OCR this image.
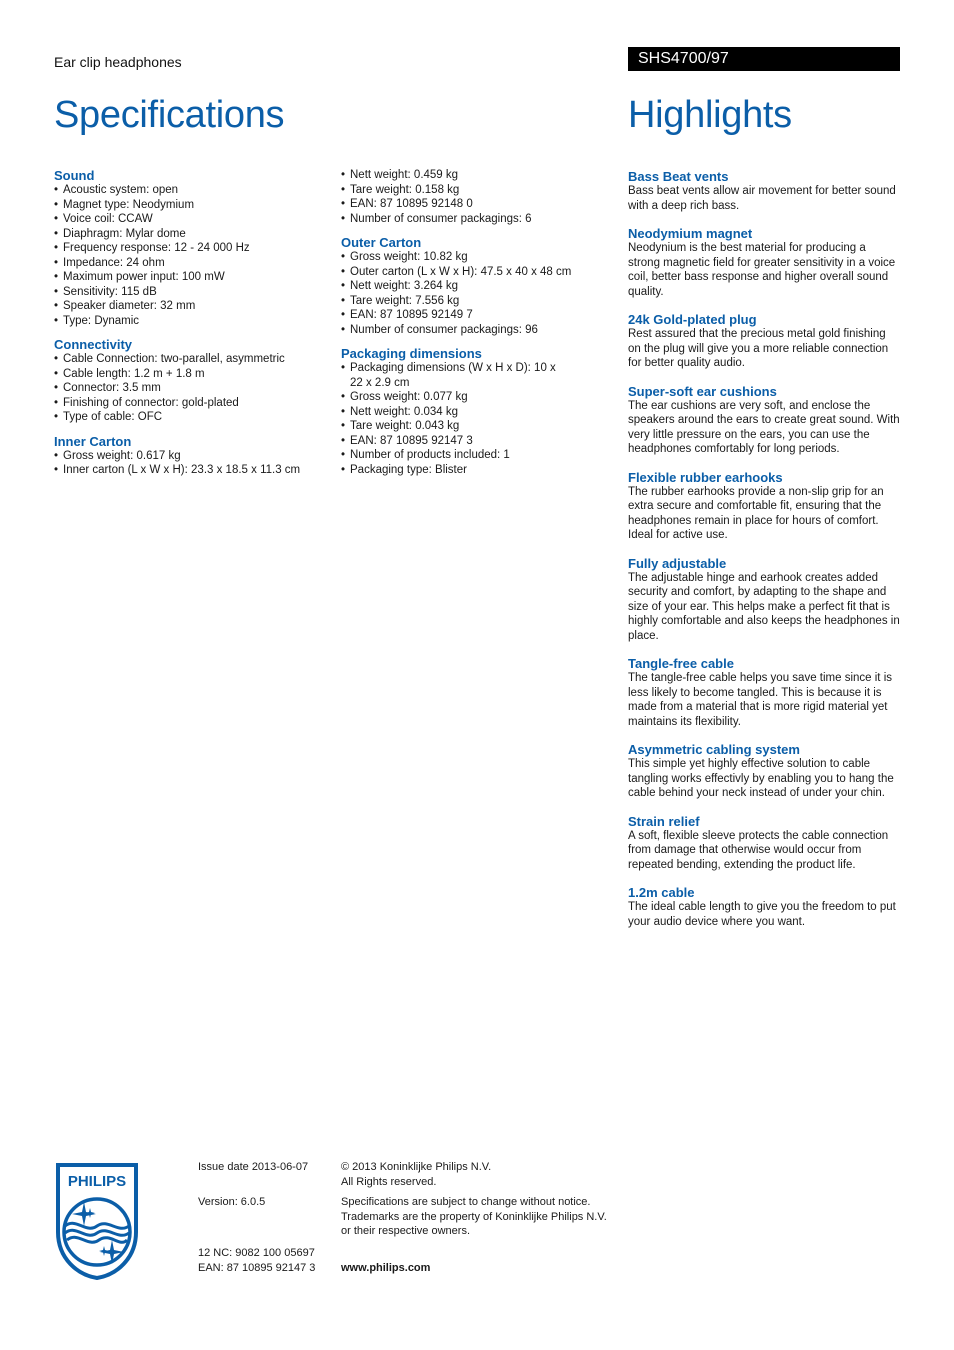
Ear clip headphones	SHS4700/97
Specifications	Highlights
Sound
• Acoustic system: open
• Magnet type: Neodymium
• Voice coil: CCAW
• Diaphragm: Mylar dome
• Frequency response: 12 - 24 000 Hz
• Impedance: 24 ohm
• Maximum power input: 100 mW
• Sensitivity: 115 dB
• Speaker diameter: 32 mm
• Type: Dynamic
Connectivity
• Cable Connection: two-parallel, asymmetric
• Cable length: 1.2 m + 1.8 m
• Connector: 3.5 mm
• Finishing of connector: gold-plated
• Type of cable: OFC
Inner Carton
• Gross weight: 0.617 kg
• Inner carton (L x W x H): 23.3 x 18.5 x 11.3 cm
• Nett weight: 0.459 kg
• Tare weight: 0.158 kg
• EAN: 87 10895 92148 0
• Number of consumer packagings: 6
Outer Carton
• Gross weight: 10.82 kg
• Outer carton (L x W x H): 47.5 x 40 x 48 cm
• Nett weight: 3.264 kg
• Tare weight: 7.556 kg
• EAN: 87 10895 92149 7
• Number of consumer packagings: 96
Packaging dimensions
• Packaging dimensions (W x H x D): 10 x 22 x 2.9 cm
• Gross weight: 0.077 kg
• Nett weight: 0.034 kg
• Tare weight: 0.043 kg
• EAN: 87 10895 92147 3
• Number of products included: 1
• Packaging type: Blister
Bass Beat vents

Bass beat vents allow air movement for better sound with a deep rich bass.

Neodymium magnet

Neodynium is the best material for producing a strong magnetic field for greater sensitivity in a voice coil, better bass response and higher overall sound quality.

24k Gold-plated plug

Rest assured that the precious metal gold finishing on the plug will give you a more reliable connection for better quality audio.

Super-soft ear cushions

The ear cushions are very soft, and enclose the speakers around the ears to create great sound. With very little pressure on the ears, you can use the headphones comfortably for long periods.

Flexible rubber earhooks

The rubber earhooks provide a non-slip grip for an extra secure and comfortable fit, ensuring that the headphones remain in place for hours of comfort. Ideal for active use.

Fully adjustable

The adjustable hinge and earhook creates added security and comfort, by adapting to the shape and size of your ear. This helps make a perfect fit that is highly comfortable and also keeps the headphones in place.

Tangle-free cable

The tangle-free cable helps you save time since it is less likely to become tangled. This is because it is made from a material that is more rigid material yet maintains its flexibility.

Asymmetric cabling system

This simple yet highly effective solution to cable tangling works effectivly by enabling you to hang the cable behind your neck instead of under your chin.

Strain relief

A soft, flexible sleeve protects the cable connection from damage that otherwise would occur from repeated bending, extending the product life.

1.2m cable

The ideal cable length to give you the freedom to put your audio device where you want.

PHILIPS
Issue date 2013-06-07
Version: 6.0.5
12 NC: 9082 100 05697
EAN: 87 10895 92147 3
© 2013 Koninklijke Philips N.V.
All Rights reserved.
Specifications are subject to change without notice.
Trademarks are the property of Koninklijke Philips N.V.
or their respective owners.
www.philips.com
